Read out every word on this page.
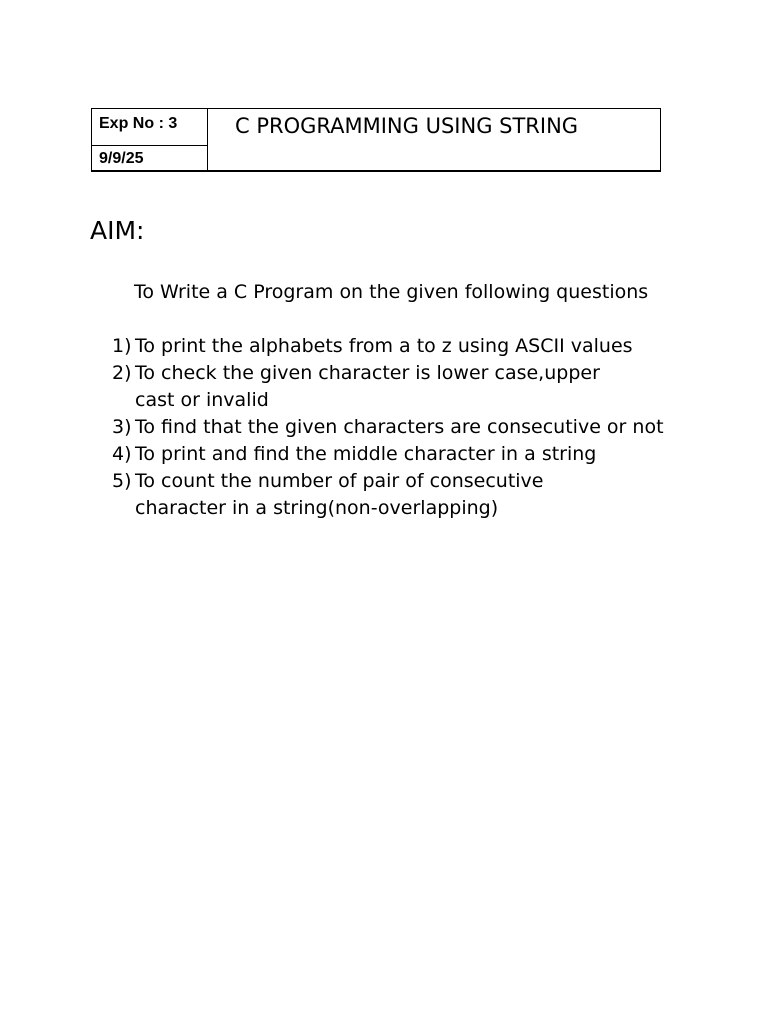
Exp No : 3
9/9/25
C PROGRAMMING USING STRING
AIM:
To Write a C Program on the given following questions
1) To print the alphabets from a to z using ASCII values
2) To check the given character is lower case,upper
cast or invalid
3) To find that the given characters are consecutive or not
4) To print and find the middle character in a string
5) To count the number of pair of consecutive
character in a string(non-overlapping)
